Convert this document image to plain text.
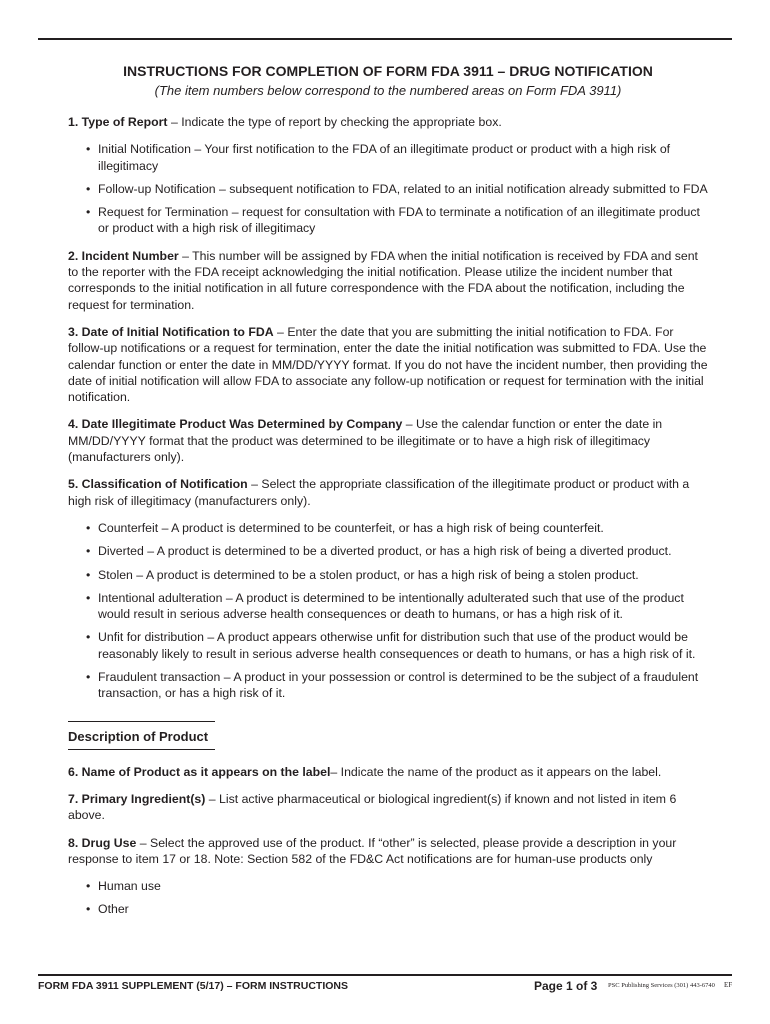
INSTRUCTIONS FOR COMPLETION OF FORM FDA 3911 – DRUG NOTIFICATION
(The item numbers below correspond to the numbered areas on Form FDA 3911)

1. Type of Report – Indicate the type of report by checking the appropriate box.

• Initial Notification – Your first notification to the FDA of an illegitimate product or product with a high risk of illegitimacy
• Follow-up Notification – subsequent notification to FDA, related to an initial notification already submitted to FDA
• Request for Termination – request for consultation with FDA to terminate a notification of an illegitimate product or product with a high risk of illegitimacy

2. Incident Number – This number will be assigned by FDA when the initial notification is received by FDA and sent to the reporter with the FDA receipt acknowledging the initial notification. Please utilize the incident number that corresponds to the initial notification in all future correspondence with the FDA about the notification, including the request for termination.

3. Date of Initial Notification to FDA – Enter the date that you are submitting the initial notification to FDA. For follow-up notifications or a request for termination, enter the date the initial notification was submitted to FDA. Use the calendar function or enter the date in MM/DD/YYYY format. If you do not have the incident number, then providing the date of initial notification will allow FDA to associate any follow-up notification or request for termination with the initial notification.

4. Date Illegitimate Product Was Determined by Company – Use the calendar function or enter the date in MM/DD/YYYY format that the product was determined to be illegitimate or to have a high risk of illegitimacy (manufacturers only).

5. Classification of Notification – Select the appropriate classification of the illegitimate product or product with a high risk of illegitimacy (manufacturers only).

• Counterfeit – A product is determined to be counterfeit, or has a high risk of being counterfeit.
• Diverted – A product is determined to be a diverted product, or has a high risk of being a diverted product.
• Stolen – A product is determined to be a stolen product, or has a high risk of being a stolen product.
• Intentional adulteration – A product is determined to be intentionally adulterated such that use of the product would result in serious adverse health consequences or death to humans, or has a high risk of it.
• Unfit for distribution – A product appears otherwise unfit for distribution such that use of the product would be reasonably likely to result in serious adverse health consequences or death to humans, or has a high risk of it.
• Fraudulent transaction – A product in your possession or control is determined to be the subject of a fraudulent transaction, or has a high risk of it.
Description of Product

6. Name of Product as it appears on the label– Indicate the name of the product as it appears on the label.

7. Primary Ingredient(s) – List active pharmaceutical or biological ingredient(s) if known and not listed in item 6 above.

8. Drug Use – Select the approved use of the product. If “other” is selected, please provide a description in your response to item 17 or 18. Note: Section 582 of the FD&C Act notifications are for human-use products only

• Human use
• Other
FORM FDA 3911 SUPPLEMENT (5/17) – FORM INSTRUCTIONS	Page 1 of 3 PSC Publishing Services (301) 443-6740 EF
